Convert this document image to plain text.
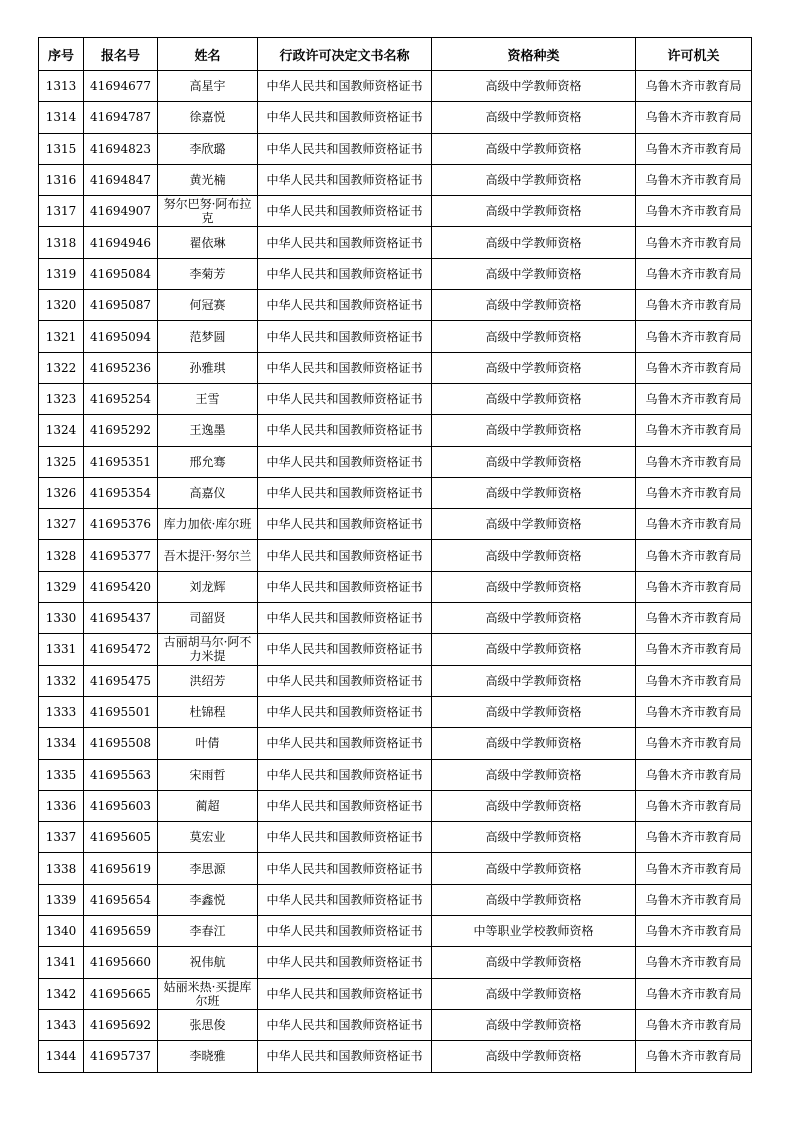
序号	报名号	姓名	行政许可决定文书名称	资格种类	许可机关
1313	41694677	高星宇	中华人民共和国教师资格证书	高级中学教师资格	乌鲁木齐市教育局
1314	41694787	徐嘉悦	中华人民共和国教师资格证书	高级中学教师资格	乌鲁木齐市教育局
1315	41694823	李欣璐	中华人民共和国教师资格证书	高级中学教师资格	乌鲁木齐市教育局
1316	41694847	黄光楠	中华人民共和国教师资格证书	高级中学教师资格	乌鲁木齐市教育局
1317	41694907	努尔巴努·阿布拉克	中华人民共和国教师资格证书	高级中学教师资格	乌鲁木齐市教育局
1318	41694946	翟依琳	中华人民共和国教师资格证书	高级中学教师资格	乌鲁木齐市教育局
1319	41695084	李菊芳	中华人民共和国教师资格证书	高级中学教师资格	乌鲁木齐市教育局
1320	41695087	何冠赛	中华人民共和国教师资格证书	高级中学教师资格	乌鲁木齐市教育局
1321	41695094	范梦圆	中华人民共和国教师资格证书	高级中学教师资格	乌鲁木齐市教育局
1322	41695236	孙雅琪	中华人民共和国教师资格证书	高级中学教师资格	乌鲁木齐市教育局
1323	41695254	王雪	中华人民共和国教师资格证书	高级中学教师资格	乌鲁木齐市教育局
1324	41695292	王逸墨	中华人民共和国教师资格证书	高级中学教师资格	乌鲁木齐市教育局
1325	41695351	邢允骞	中华人民共和国教师资格证书	高级中学教师资格	乌鲁木齐市教育局
1326	41695354	高嘉仪	中华人民共和国教师资格证书	高级中学教师资格	乌鲁木齐市教育局
1327	41695376	库力加依·库尔班	中华人民共和国教师资格证书	高级中学教师资格	乌鲁木齐市教育局
1328	41695377	吾木提汗·努尔兰	中华人民共和国教师资格证书	高级中学教师资格	乌鲁木齐市教育局
1329	41695420	刘龙辉	中华人民共和国教师资格证书	高级中学教师资格	乌鲁木齐市教育局
1330	41695437	司韶贤	中华人民共和国教师资格证书	高级中学教师资格	乌鲁木齐市教育局
1331	41695472	古丽胡马尔·阿不力米提	中华人民共和国教师资格证书	高级中学教师资格	乌鲁木齐市教育局
1332	41695475	洪绍芳	中华人民共和国教师资格证书	高级中学教师资格	乌鲁木齐市教育局
1333	41695501	杜锦程	中华人民共和国教师资格证书	高级中学教师资格	乌鲁木齐市教育局
1334	41695508	叶倩	中华人民共和国教师资格证书	高级中学教师资格	乌鲁木齐市教育局
1335	41695563	宋雨哲	中华人民共和国教师资格证书	高级中学教师资格	乌鲁木齐市教育局
1336	41695603	蔺超	中华人民共和国教师资格证书	高级中学教师资格	乌鲁木齐市教育局
1337	41695605	莫宏业	中华人民共和国教师资格证书	高级中学教师资格	乌鲁木齐市教育局
1338	41695619	李思源	中华人民共和国教师资格证书	高级中学教师资格	乌鲁木齐市教育局
1339	41695654	李鑫悦	中华人民共和国教师资格证书	高级中学教师资格	乌鲁木齐市教育局
1340	41695659	李春江	中华人民共和国教师资格证书	中等职业学校教师资格	乌鲁木齐市教育局
1341	41695660	祝伟航	中华人民共和国教师资格证书	高级中学教师资格	乌鲁木齐市教育局
1342	41695665	姑丽米热·买提库尔班	中华人民共和国教师资格证书	高级中学教师资格	乌鲁木齐市教育局
1343	41695692	张思俊	中华人民共和国教师资格证书	高级中学教师资格	乌鲁木齐市教育局
1344	41695737	李晓雅	中华人民共和国教师资格证书	高级中学教师资格	乌鲁木齐市教育局
